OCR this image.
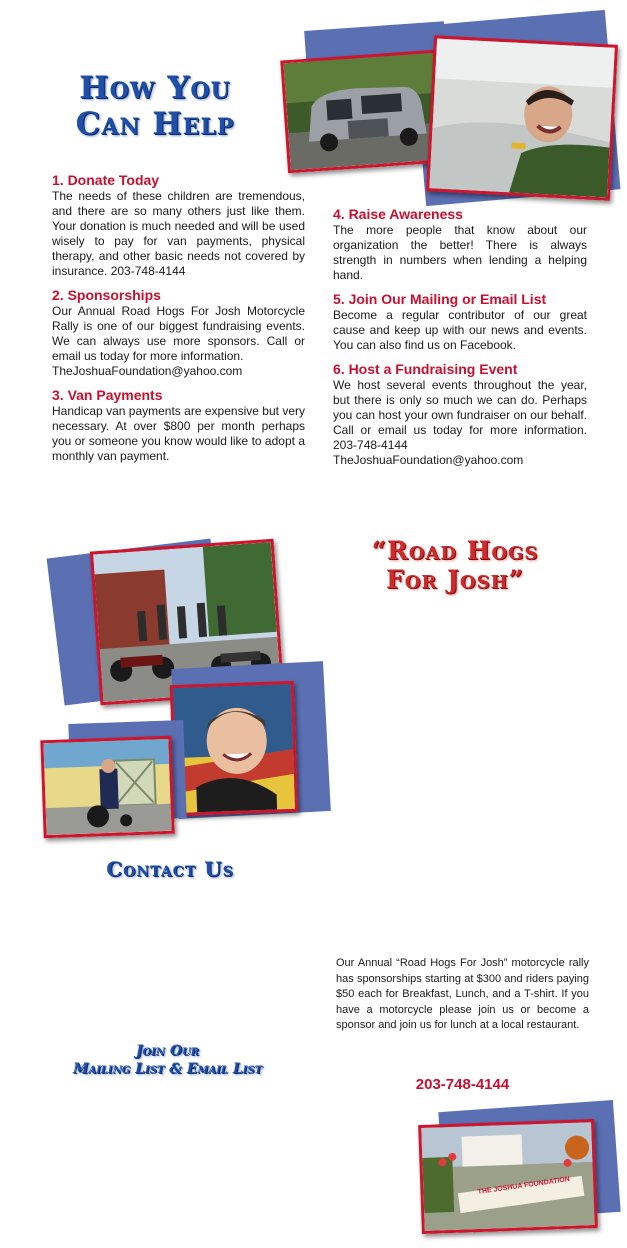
How You
Can Help
1. Donate Today

The needs of these children are tremendous, and there are so many others just like them. Your donation is much needed and will be used wisely to pay for van payments, physical therapy, and other basic needs not covered by insurance. 203-748-4144

2. Sponsorships

Our Annual Road Hogs For Josh Motorcycle Rally is one of our biggest fundraising events. We can always use more sponsors. Call or email us today for more information.

TheJoshuaFoundation@yahoo.com

3. Van Payments

Handicap van payments are expensive but very necessary. At over $800 per month perhaps you or someone you know would like to adopt a monthly van payment.

4. Raise Awareness

The more people that know about our organization the better! There is always strength in numbers when lending a helping hand.

5. Join Our Mailing or Email List

Become a regular contributor of our great cause and keep up with our news and events. You can also find us on Facebook.

6. Host a Fundraising Event

We host several events throughout the year, but there is only so much we can do. Perhaps you can host your own fundraiser on our behalf. Call or email us today for more information. 203-748-4144

TheJoshuaFoundation@yahoo.com

“Road Hogs
For Josh”
Contact Us
Join Our
Mailing List & Email List

Our Annual “Road Hogs For Josh” motorcycle rally has sponsorships starting at $300 and riders paying $50 each for Breakfast, Lunch, and a T-shirt. If you have a motorcycle please join us or become a sponsor and join us for lunch at a local restaurant.

203-748-4144
THE JOSHUA FOUNDATION
